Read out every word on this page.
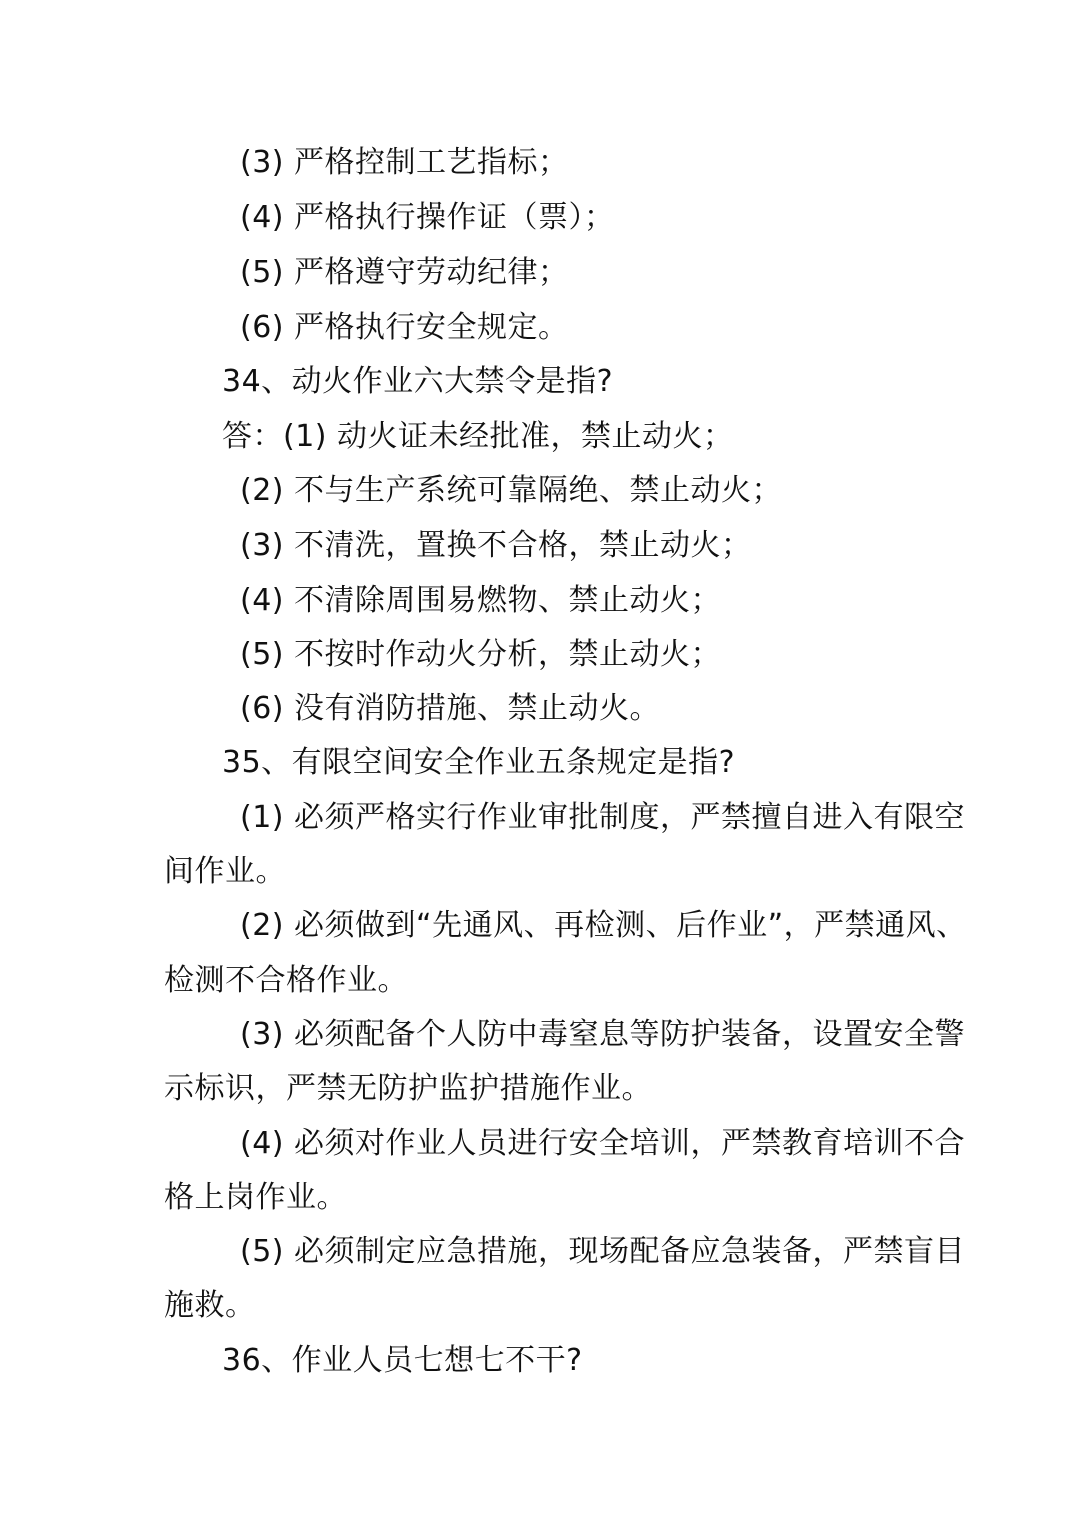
(3) 严格控制工艺指标；
(4) 严格执行操作证（票）；
(5) 严格遵守劳动纪律；
(6) 严格执行安全规定。
34、动火作业六大禁令是指?
答：(1) 动火证未经批准，禁止动火；
(2) 不与生产系统可靠隔绝、禁止动火；
(3) 不清洗，置换不合格，禁止动火；
(4) 不清除周围易燃物、禁止动火；
(5) 不按时作动火分析，禁止动火；
(6) 没有消防措施、禁止动火。
35、有限空间安全作业五条规定是指?
(1) 必须严格实行作业审批制度，严禁擅自进入有限空
间作业。
(2) 必须做到“先通风、再检测、后作业”，严禁通风、
检测不合格作业。
(3) 必须配备个人防中毒窒息等防护装备，设置安全警
示标识，严禁无防护监护措施作业。
(4) 必须对作业人员进行安全培训，严禁教育培训不合
格上岗作业。
(5) 必须制定应急措施，现场配备应急装备，严禁盲目
施救。
36、作业人员七想七不干?
